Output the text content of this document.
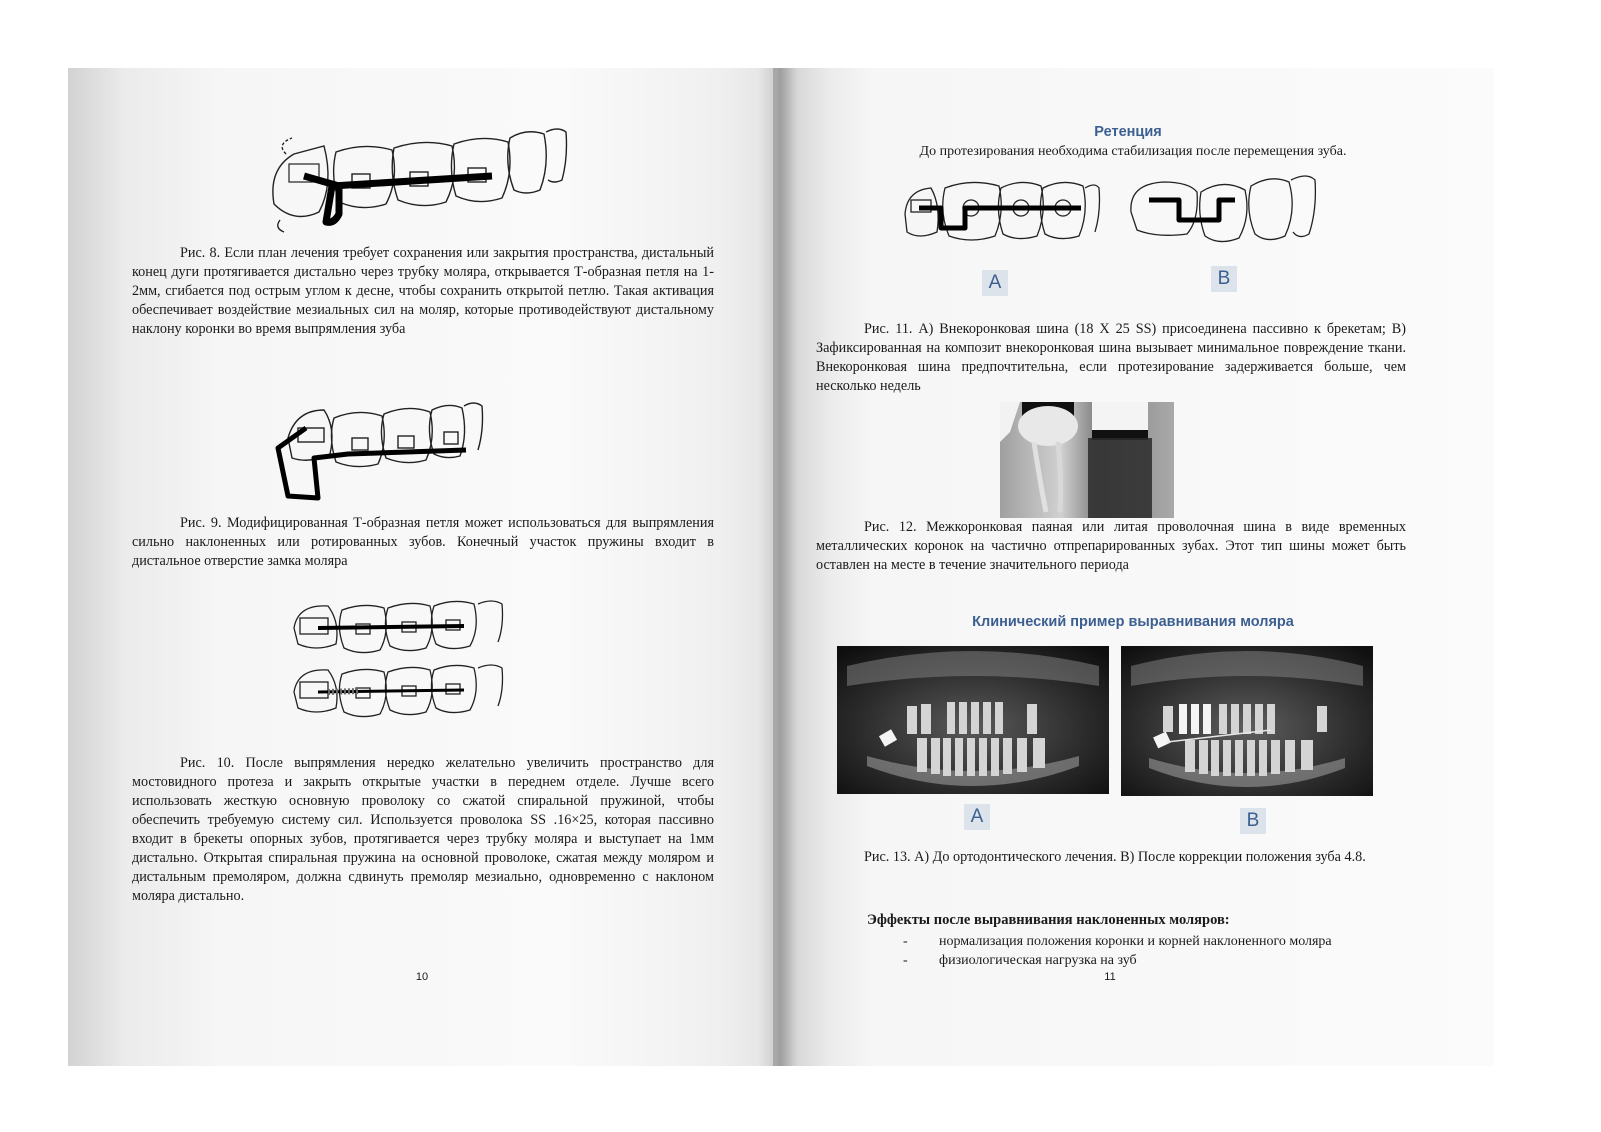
Рис. 8. Если план лечения требует сохранения или закрытия пространства, дистальный конец дуги протягивается дистально через трубку моляра, открывается Т-образная петля на 1-2мм, сгибается под острым углом к десне, чтобы сохранить открытой петлю. Такая активация обеспечивает воздействие мезиальных сил на моляр, которые противодействуют дистальному наклону коронки во время выпрямления зуба

Рис. 9. Модифицированная Т-образная петля может использоваться для выпрямления сильно наклоненных или ротированных зубов. Конечный участок пружины входит в дистальное отверстие замка моляра

Рис. 10. После выпрямления нередко желательно увеличить пространство для мостовидного протеза и закрыть открытые участки в переднем отделе. Лучше всего использовать жесткую основную проволоку со сжатой спиральной пружиной, чтобы обеспечить требуемую систему сил. Используется проволока SS .16×25, которая пассивно входит в брекеты опорных зубов, протягивается через трубку моляра и выступает на 1мм дистально. Открытая спиральная пружина на основной проволоке, сжатая между моляром и дистальным премоляром, должна сдвинуть премоляр мезиально, одновременно с наклоном моляра дистально.

10
Ретенция
До протезирования необходима стабилизация после перемещения зуба.
A	B

Рис. 11. А) Внекоронковая шина (18 X 25 SS) присоединена пассивно к брекетам; В) Зафиксированная на композит внекоронковая шина вызывает минимальное повреждение ткани. Внекоронковая шина предпочтительна, если протезирование задерживается больше, чем несколько недель

Рис. 12. Межкоронковая паяная или литая проволочная шина в виде временных металлических коронок на частично отпрепарированных зубах. Этот тип шины может быть оставлен на месте в течение значительного периода

Клинический пример выравнивания моляра
A	B

Рис. 13. А) До ортодонтического лечения. В) После коррекции положения зуба 4.8.

Эффекты после выравнивания наклоненных моляров:
- нормализация положения коронки и корней наклоненного моляра
- физиологическая нагрузка на зуб
11
